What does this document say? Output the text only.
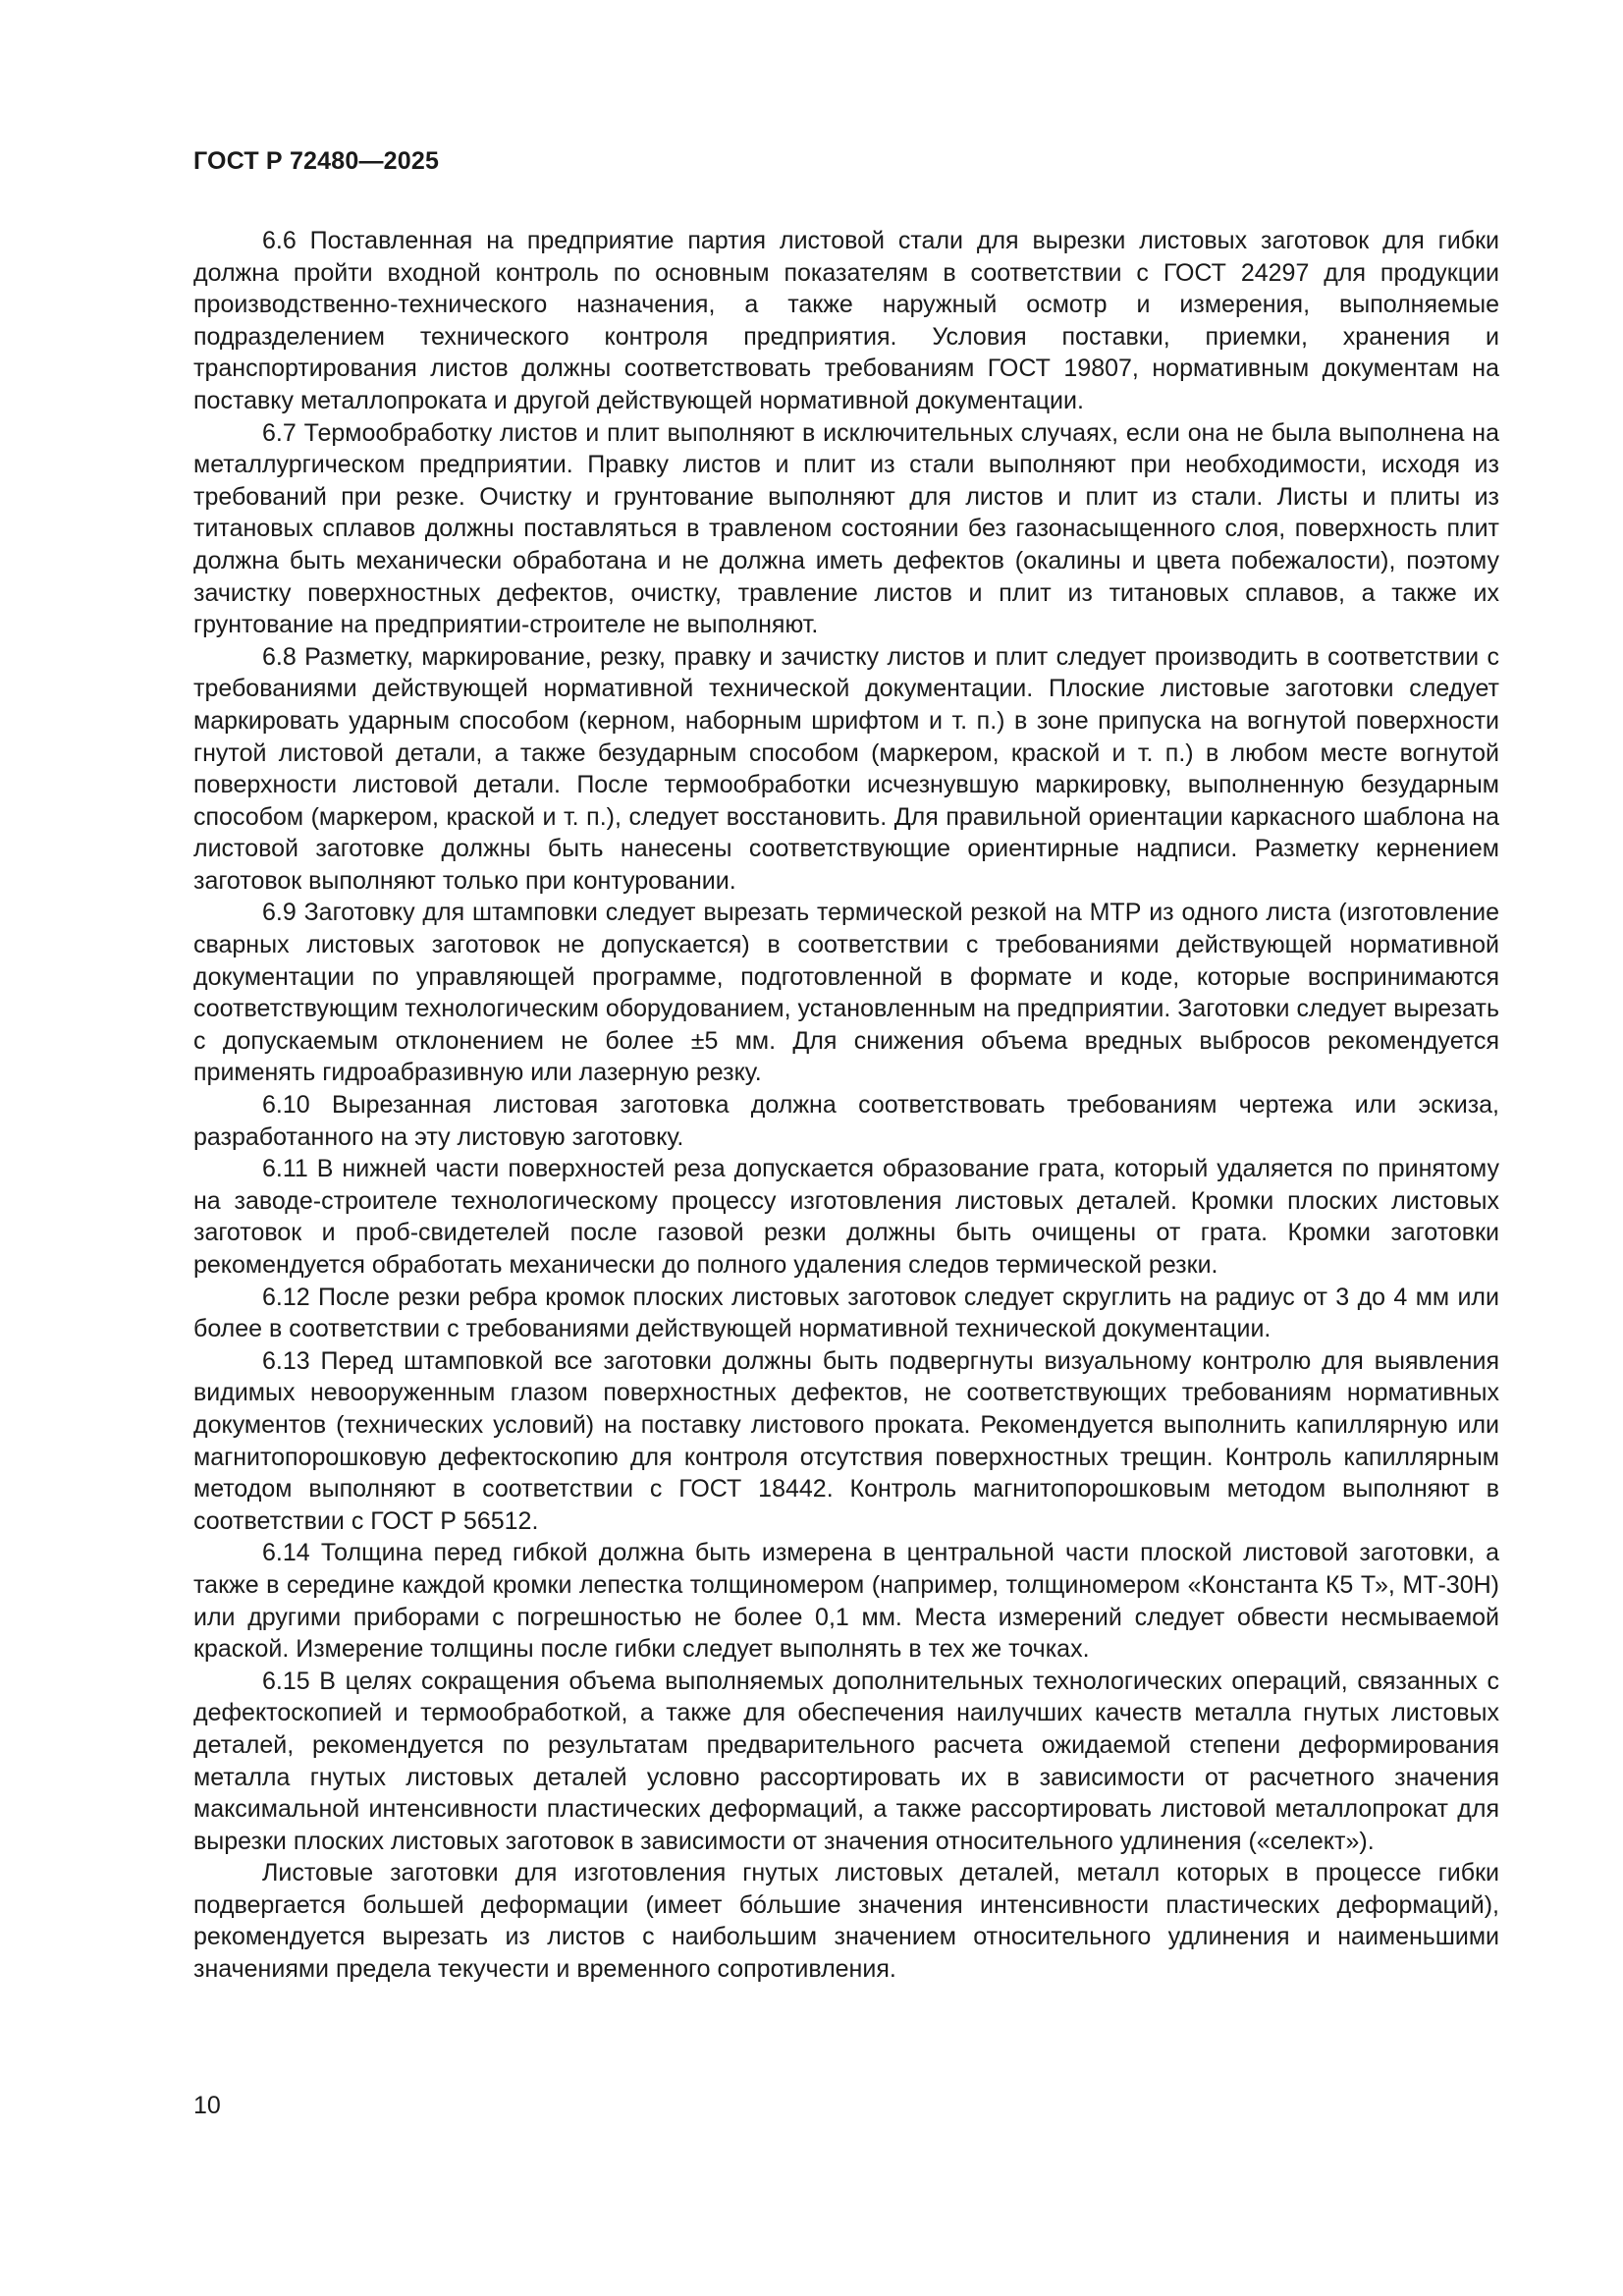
ГОСТ Р 72480—2025

6.6 Поставленная на предприятие партия листовой стали для вырезки листовых заготовок для гибки должна пройти входной контроль по основным показателям в соответствии с ГОСТ 24297 для продукции производственно-технического назначения, а также наружный осмотр и измерения, выполняемые подразделением технического контроля предприятия. Условия поставки, приемки, хранения и транспортирования листов должны соответствовать требованиям ГОСТ 19807, нормативным документам на поставку металлопроката и другой действующей нормативной документации.

6.7 Термообработку листов и плит выполняют в исключительных случаях, если она не была выполнена на металлургическом предприятии. Правку листов и плит из стали выполняют при необходимости, исходя из требований при резке. Очистку и грунтование выполняют для листов и плит из стали. Листы и плиты из титановых сплавов должны поставляться в травленом состоянии без газонасыщенного слоя, поверхность плит должна быть механически обработана и не должна иметь дефектов (окалины и цвета побежалости), поэтому зачистку поверхностных дефектов, очистку, травление листов и плит из титановых сплавов, а также их грунтование на предприятии-строителе не выполняют.

6.8 Разметку, маркирование, резку, правку и зачистку листов и плит следует производить в соответствии с требованиями действующей нормативной технической документации. Плоские листовые заготовки следует маркировать ударным способом (керном, наборным шрифтом и т. п.) в зоне припуска на вогнутой поверхности гнутой листовой детали, а также безударным способом (маркером, краской и т. п.) в любом месте вогнутой поверхности листовой детали. После термообработки исчезнувшую маркировку, выполненную безударным способом (маркером, краской и т. п.), следует восстановить. Для правильной ориентации каркасного шаблона на листовой заготовке должны быть нанесены соответствующие ориентирные надписи. Разметку кернением заготовок выполняют только при контуровании.

6.9 Заготовку для штамповки следует вырезать термической резкой на МТР из одного листа (изготовление сварных листовых заготовок не допускается) в соответствии с требованиями действующей нормативной документации по управляющей программе, подготовленной в формате и коде, которые воспринимаются соответствующим технологическим оборудованием, установленным на предприятии. Заготовки следует вырезать с допускаемым отклонением не более ±5 мм. Для снижения объема вредных выбросов рекомендуется применять гидроабразивную или лазерную резку.

6.10 Вырезанная листовая заготовка должна соответствовать требованиям чертежа или эскиза, разработанного на эту листовую заготовку.

6.11 В нижней части поверхностей реза допускается образование грата, который удаляется по принятому на заводе-строителе технологическому процессу изготовления листовых деталей. Кромки плоских листовых заготовок и проб-свидетелей после газовой резки должны быть очищены от грата. Кромки заготовки рекомендуется обработать механически до полного удаления следов термической резки.

6.12 После резки ребра кромок плоских листовых заготовок следует скруглить на радиус от 3 до 4 мм или более в соответствии с требованиями действующей нормативной технической документации.

6.13 Перед штамповкой все заготовки должны быть подвергнуты визуальному контролю для выявления видимых невооруженным глазом поверхностных дефектов, не соответствующих требованиям нормативных документов (технических условий) на поставку листового проката. Рекомендуется выполнить капиллярную или магнитопорошковую дефектоскопию для контроля отсутствия поверхностных трещин. Контроль капиллярным методом выполняют в соответствии с ГОСТ 18442. Контроль магнитопорошковым методом выполняют в соответствии с ГОСТ Р 56512.

6.14 Толщина перед гибкой должна быть измерена в центральной части плоской листовой заготовки, а также в середине каждой кромки лепестка толщиномером (например, толщиномером «Константа К5 Т», МТ-30Н) или другими приборами с погрешностью не более 0,1 мм. Места измерений следует обвести несмываемой краской. Измерение толщины после гибки следует выполнять в тех же точках.

6.15 В целях сокращения объема выполняемых дополнительных технологических операций, связанных с дефектоскопией и термообработкой, а также для обеспечения наилучших качеств металла гнутых листовых деталей, рекомендуется по результатам предварительного расчета ожидаемой степени деформирования металла гнутых листовых деталей условно рассортировать их в зависимости от расчетного значения максимальной интенсивности пластических деформаций, а также рассортировать листовой металлопрокат для вырезки плоских листовых заготовок в зависимости от значения относительного удлинения («селект»).

Листовые заготовки для изготовления гнутых листовых деталей, металл которых в процессе гибки подвергается большей деформации (имеет бóльшие значения интенсивности пластических деформаций), рекомендуется вырезать из листов с наибольшим значением относительного удлинения и наименьшими значениями предела текучести и временного сопротивления.

10
